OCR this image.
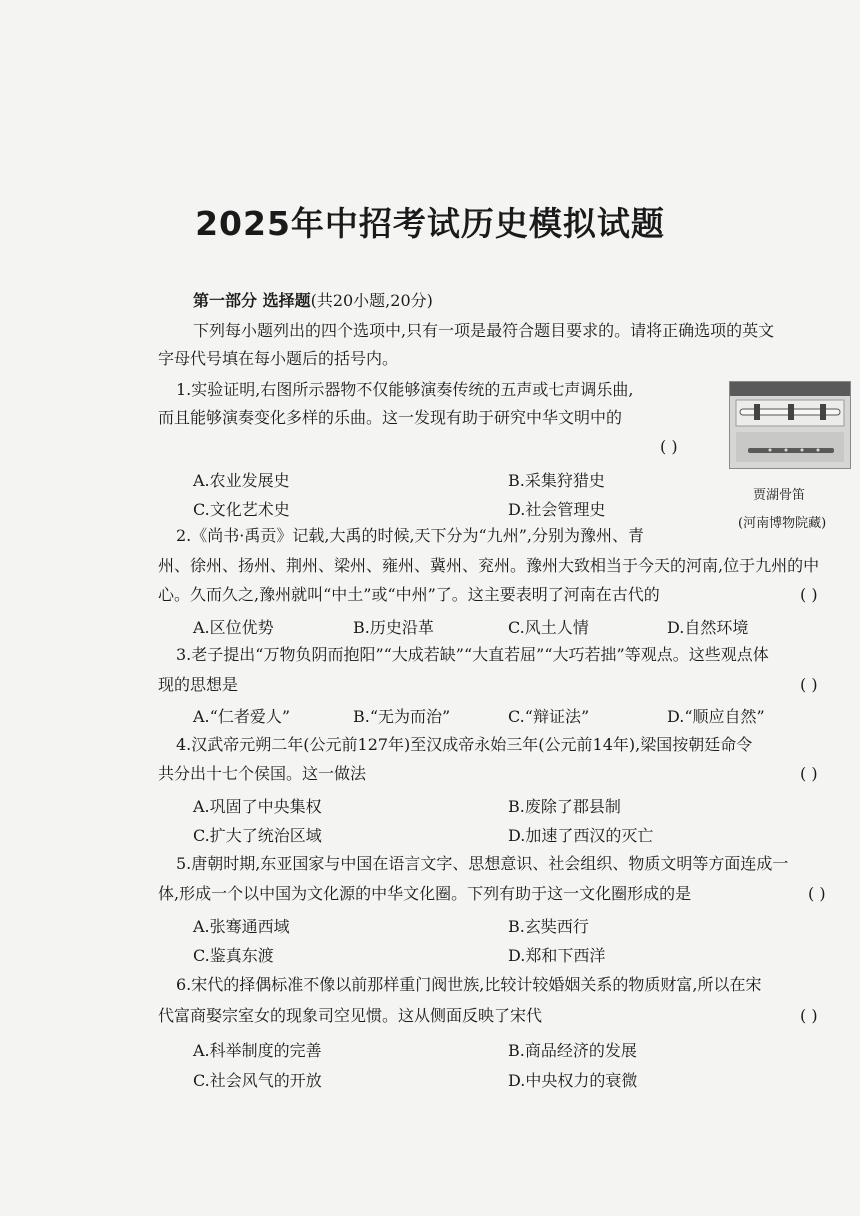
2025年中招考试历史模拟试题
第一部分 选择题(共20小题,20分)
下列每小题列出的四个选项中,只有一项是最符合题目要求的。请将正确选项的英文
字母代号填在每小题后的括号内。
贾湖骨笛
(河南博物院藏)
1.实验证明,右图所示器物不仅能够演奏传统的五声或七声调乐曲,
而且能够演奏变化多样的乐曲。这一发现有助于研究中华文明中的
( )
A.农业发展史	B.采集狩猎史
C.文化艺术史	D.社会管理史
2.《尚书·禹贡》记载,大禹的时候,天下分为“九州”,分别为豫州、青
州、徐州、扬州、荆州、梁州、雍州、冀州、兖州。豫州大致相当于今天的河南,位于九州的中
心。久而久之,豫州就叫“中土”或“中州”了。这主要表明了河南在古代的	( )
A.区位优势	B.历史沿革	C.风土人情	D.自然环境
3.老子提出“万物负阴而抱阳”“大成若缺”“大直若屈”“大巧若拙”等观点。这些观点体
现的思想是	( )
A.“仁者爱人”	B.“无为而治”	C.“辩证法”	D.“顺应自然”
4.汉武帝元朔二年(公元前127年)至汉成帝永始三年(公元前14年),梁国按朝廷命令
共分出十七个侯国。这一做法	( )
A.巩固了中央集权	B.废除了郡县制
C.扩大了统治区域	D.加速了西汉的灭亡
5.唐朝时期,东亚国家与中国在语言文字、思想意识、社会组织、物质文明等方面连成一
体,形成一个以中国为文化源的中华文化圈。下列有助于这一文化圈形成的是	( )
A.张骞通西域	B.玄奘西行
C.鉴真东渡	D.郑和下西洋
6.宋代的择偶标准不像以前那样重门阀世族,比较计较婚姻关系的物质财富,所以在宋
代富商娶宗室女的现象司空见惯。这从侧面反映了宋代	( )
A.科举制度的完善	B.商品经济的发展
C.社会风气的开放	D.中央权力的衰微
